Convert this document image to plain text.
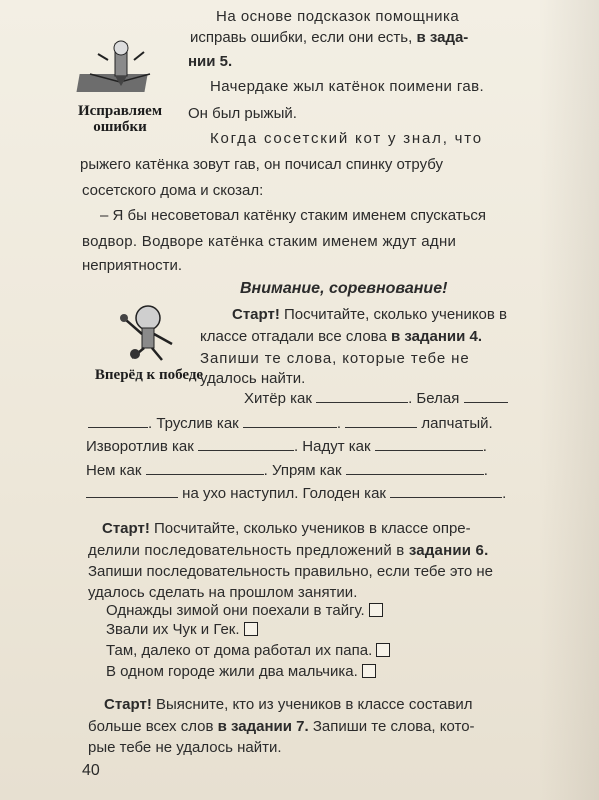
Исправляем ошибки
На основе подсказок помощника
исправь ошибки, если они есть, в зада-
нии 5.
Начердаке жыл катёнок поимени гав.
Он был рыжый.
Когда сосетский кот у знал, что
рыжего катёнка зовут гав, он почисал спинку отрубу
сосетского дома и скозал:
– Я бы несоветовал катёнку стаким именем спускаться
водвор. Водворе катёнка стаким именем ждут адни
неприятности.
Внимание, соревнование!
Вперёд к победе
Старт! Посчитайте, сколько учеников в
классе отгадали все слова в задании 4.
Запиши те слова, которые тебе не
удалось найти.
Хитёр как	. Белая
. Труслив как	.	лапчатый.
Изворотлив как	. Надут как	.
Нем как	. Упрям как	.
на ухо наступил. Голоден как	.
Старт! Посчитайте, сколько учеников в классе опре-
делили последовательность предложений в задании 6.
Запиши последовательность правильно, если тебе это не
удалось сделать на прошлом занятии.
Однажды зимой они поехали в тайгу.
Звали их Чук и Гек.
Там, далеко от дома работал их папа.
В одном городе жили два мальчика.
Старт! Выясните, кто из учеников в классе составил
больше всех слов в задании 7. Запиши те слова, кото-
рые тебе не удалось найти.
40
